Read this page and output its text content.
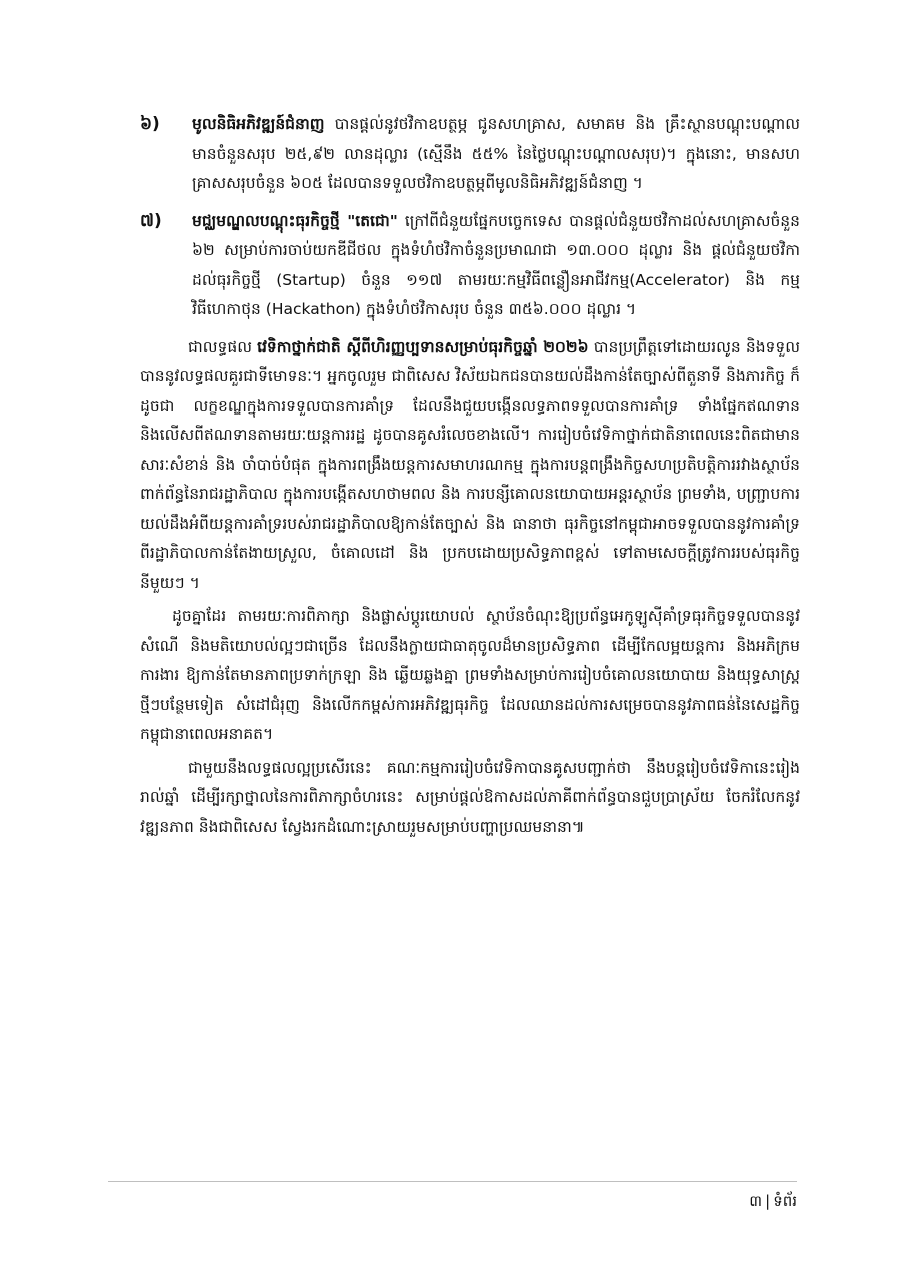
៦)	មូលនិធិអភិវឌ្ឍន៍ជំនាញ បានផ្ដល់នូវថវិកាឧបត្ថម្ភ ជូនសហគ្រាស, សមាគម និង គ្រឹះស្ថានបណ្ដុះបណ្ដាល មានចំនួនសរុប ២៥,៩២ លានដុល្លារ (ស្មើនឹង ៥៥% នៃថ្លៃបណ្ដុះបណ្ដាលសរុប)។ ក្នុងនោះ, មានសហគ្រាសសរុបចំនួន ៦០៥ ដែលបានទទួលថវិកាឧបត្ថម្ភពីមូលនិធិអភិវឌ្ឍន៍ជំនាញ ។
៧)	មជ្ឈមណ្ឌលបណ្ដុះធុរកិច្ចថ្មី "តេជោ" ក្រៅពីជំនួយផ្នែកបច្ចេកទេស បានផ្ដល់ជំនួយថវិកាដល់សហគ្រាសចំនួន ៦២ សម្រាប់ការចាប់យកឌីជីថល ក្នុងទំហំថវិកាចំនួនប្រមាណជា ១៣.០០០ ដុល្លារ និង ផ្ដល់ជំនួយថវិកាដល់ធុរកិច្ចថ្មី (Startup) ចំនួន ១១៧ តាមរយៈកម្មវិធីពន្លឿនអាជីវកម្ម(Accelerator) និង កម្មវិធីហេកាថុន (Hackathon) ក្នុងទំហំថវិកាសរុប ចំនួន ៣៥៦.០០០ ដុល្លារ ។

ជាលទ្ធផល វេទិកាថ្នាក់ជាតិ ស្ដីពីហិរញ្ញប្បទានសម្រាប់ធុរកិច្ចឆ្នាំ ២០២៦ បានប្រព្រឹត្តទៅដោយរលូន និងទទួលបាននូវលទ្ធផលគួរជាទីមោទនៈ។ អ្នកចូលរួម ជាពិសេស វិស័យឯកជនបានយល់ដឹងកាន់តែច្បាស់ពីតួនាទី និងភារកិច្ច ក៏ដូចជា លក្ខខណ្ឌក្នុងការទទួលបានការគាំទ្រ ដែលនឹងជួយបង្កើនលទ្ធភាពទទួលបានការគាំទ្រ ទាំងផ្នែកឥណទាន និងលើសពីឥណទានតាមរយៈយន្តការរដ្ឋ ដូចបានគូសរំលេចខាងលើ។ ការរៀបចំវេទិកាថ្នាក់ជាតិនាពេលនេះពិតជាមានសារៈសំខាន់ និង ចាំបាច់បំផុត ក្នុងការពង្រឹងយន្តការសមាហរណកម្ម ក្នុងការបន្តពង្រឹងកិច្ចសហប្រតិបត្តិការរវាងស្ថាប័នពាក់ព័ន្ធនៃរាជរដ្ឋាភិបាល ក្នុងការបង្កើតសហថាមពល និង ការបន្សីគោលនយោបាយអន្តរស្ថាប័ន ព្រមទាំង, បញ្ជ្រាបការយល់ដឹងអំពីយន្តការគាំទ្ររបស់រាជរដ្ឋាភិបាលឱ្យកាន់តែច្បាស់ និង ធានាថា ធុរកិច្ចនៅកម្ពុជាអាចទទួលបាននូវការគាំទ្រពីរដ្ឋាភិបាលកាន់តែងាយស្រួល, ចំគោលដៅ និង ប្រកបដោយប្រសិទ្ធភាពខ្ពស់ ទៅតាមសេចក្ដីត្រូវការរបស់ធុរកិច្ចនីមួយៗ ។

ដូចគ្នាដែរ តាមរយៈការពិភាក្សា និងផ្លាស់ប្ដូរយោបល់ ស្ថាប័នចំណុះឱ្យប្រព័ន្ធអេកូឡូស៊ីគាំទ្រធុរកិច្ចទទួលបាននូវសំណើ និងមតិយោបល់ល្អៗជាច្រើន ដែលនឹងក្លាយជាធាតុចូលដ៏មានប្រសិទ្ធភាព ដើម្បីកែលម្អយន្តការ និងអភិក្រមការងារ ឱ្យកាន់តែមានភាពប្រទាក់ក្រឡា និង ឆ្លើយឆ្លងគ្នា ព្រមទាំងសម្រាប់ការរៀបចំគោលនយោបាយ និងយុទ្ធសាស្ត្រថ្មីៗបន្ថែមទៀត សំដៅជំរុញ និងលើកកម្ពស់ការអភិវឌ្ឍធុរកិច្ច ដែលឈានដល់ការសម្រេចបាននូវភាពធន់នៃសេដ្ឋកិច្ចកម្ពុជានាពេលអនាគត។

ជាមួយនឹងលទ្ធផលល្អប្រសើរនេះ គណៈកម្មការរៀបចំវេទិកាបានគូសបញ្ជាក់ថា នឹងបន្តរៀបចំវេទិកានេះរៀងរាល់ឆ្នាំ ដើម្បីរក្សាថ្នាលនៃការពិភាក្សាចំហរនេះ សម្រាប់ផ្ដល់ឱកាសដល់ភាគីពាក់ព័ន្ធបានជួបប្រាស្រ័យ ចែករំលែកនូវវឌ្ឍនភាព និងជាពិសេស ស្វែងរកដំណោះស្រាយរួមសម្រាប់បញ្ហាប្រឈមនានា៕

៣ | ទំព័រ
